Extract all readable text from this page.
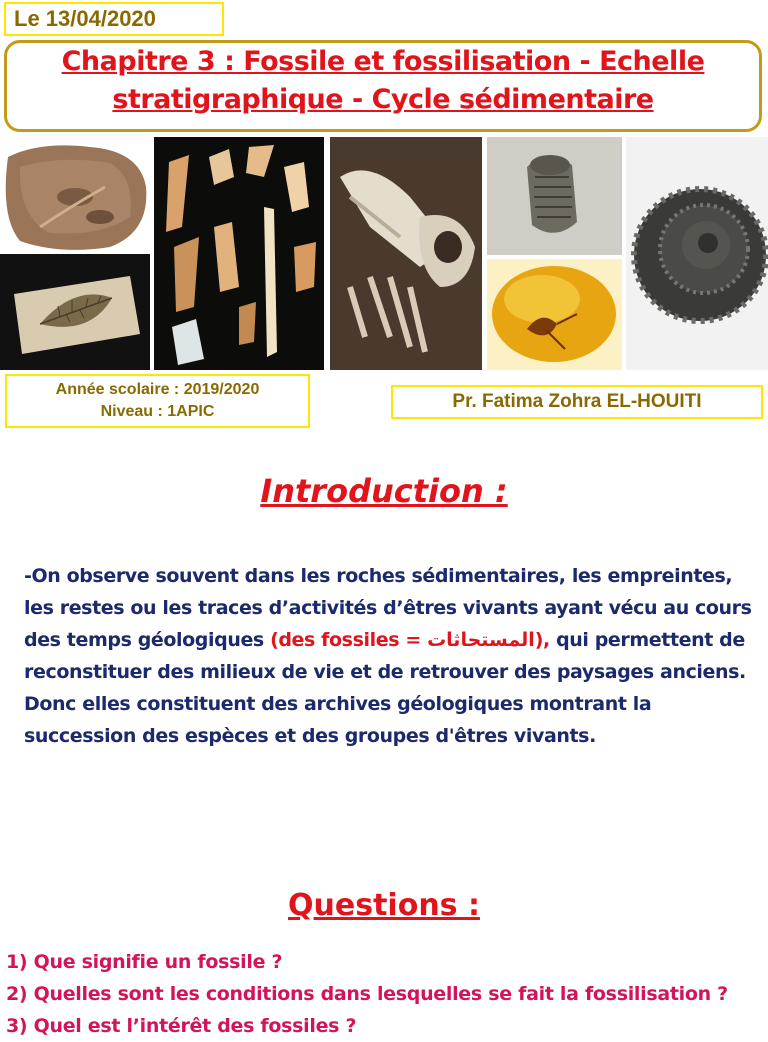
Le 13/04/2020
Chapitre 3 : Fossile et fossilisation - Echelle
stratigraphique - Cycle sédimentaire
Année scolaire : 2019/2020
Niveau : 1APIC	Pr. Fatima Zohra EL-HOUITI
Introduction :
-On observe souvent dans les roches sédimentaires, les empreintes, les restes ou les traces d’activités d’êtres vivants ayant vécu au cours des temps géologiques (des fossiles = المستحاثات), qui permettent de reconstituer des milieux de vie et de retrouver des paysages anciens. Donc elles constituent des archives géologiques montrant la succession des espèces et des groupes d'êtres vivants.
Questions :
1) Que signifie un fossile ?
2) Quelles sont les conditions dans lesquelles se fait la fossilisation ?
3) Quel est l’intérêt des fossiles ?
